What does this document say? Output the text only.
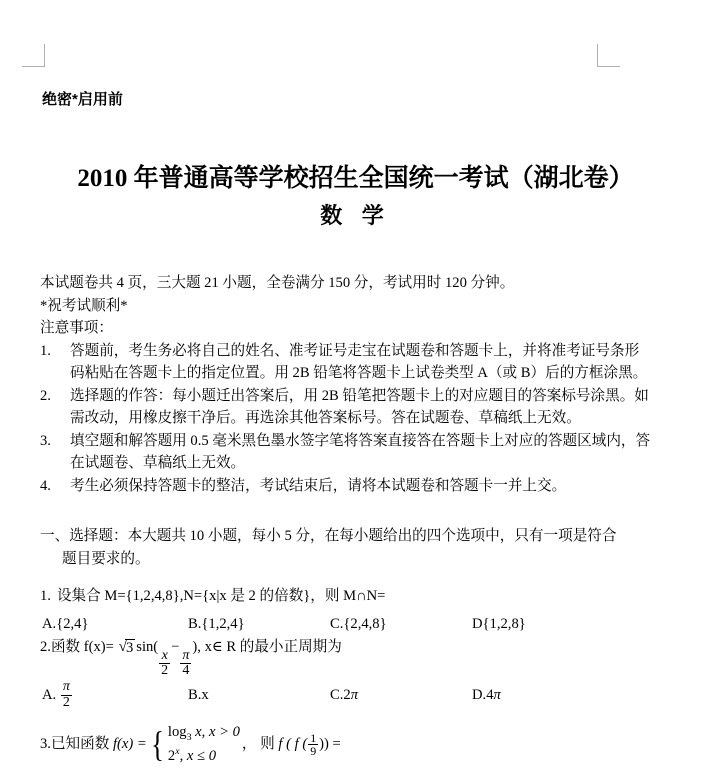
绝密*启用前
2010 年普通高等学校招生全国统一考试（湖北卷）
数 学
本试题卷共 4 页，三大题 21 小题，全卷满分 150 分，考试用时 120 分钟。
*祝考试顺利*
注意事项：
1.	答题前，考生务必将自己的姓名、准考证号走宝在试题卷和答题卡上，并将准考证号条形码粘贴在答题卡上的指定位置。用 2B 铅笔将答题卡上试卷类型 A（或 B）后的方框涂黑。
2.	选择题的作答：每小题迁出答案后，用 2B 铅笔把答题卡上的对应题目的答案标号涂黑。如需改动，用橡皮擦干净后。再选涂其他答案标号。答在试题卷、草稿纸上无效。
3.	填空题和解答题用 0.5 毫米黑色墨水签字笔将答案直接答在答题卡上对应的答题区域内，答在试题卷、草稿纸上无效。
4.	考生必须保持答题卡的整洁，考试结束后，请将本试题卷和答题卡一并上交。
一、选择题：本大题共 10 小题，每小 5 分，在每小题给出的四个选项中，只有一项是符合
题目要求的。
1. 设集合 M={1,2,4,8},N={x|x 是 2 的倍数}，则 M∩N=
A. {2,4}	B. {1,2,4}	C. {2,4,8}	D {1,2,8}
2.函数 f(x)= √ 3 sin(
$\frac{x}{2}$
−
$\frac{\pi}{4}$
), x∈ R 的最小正周期为
A.
$\frac{\pi}{2}$	B.x	C.2 π	D.4 π
3. 已知函数
f(x) = { $\log_3 x$, x > 0
2$^x$, x ≤ 0
，
则
f ( f ( $\frac{1}{9}$ )) =
